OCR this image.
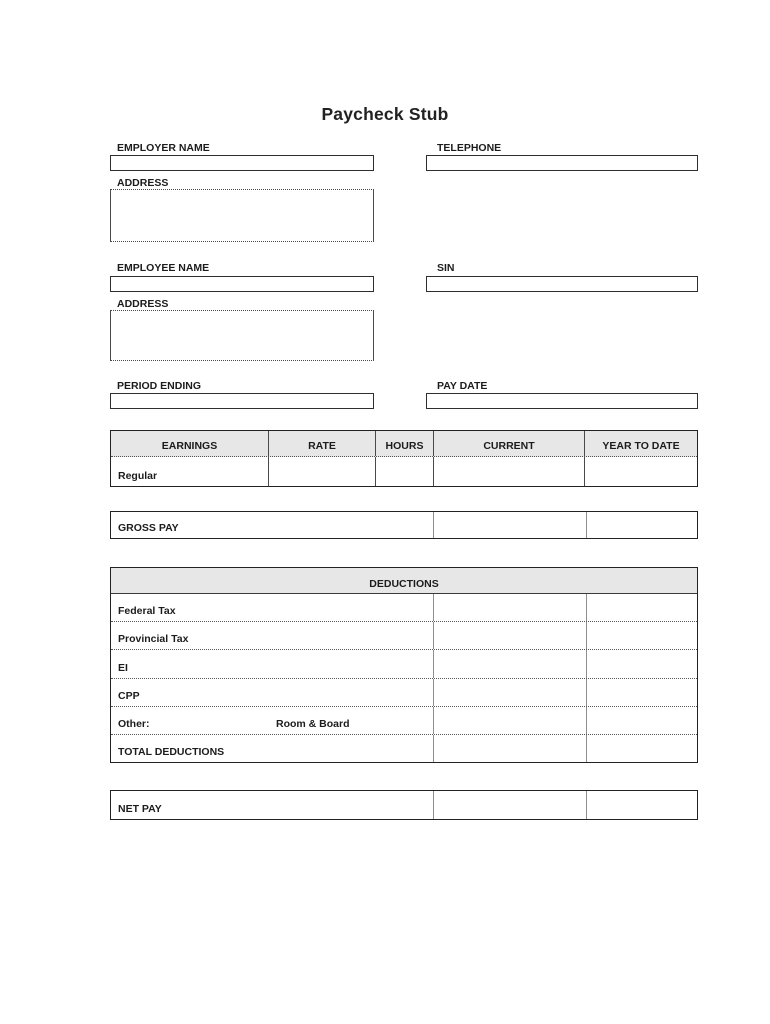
Paycheck Stub
EMPLOYER NAME	TELEPHONE
ADDRESS
EMPLOYEE NAME	SIN
ADDRESS
PERIOD ENDING	PAY DATE
EARNINGS	RATE	HOURS	CURRENT	YEAR TO DATE
Regular
GROSS PAY
DEDUCTIONS
Federal Tax
Provincial Tax
EI
CPP
Other:	Room & Board
TOTAL DEDUCTIONS
NET PAY
